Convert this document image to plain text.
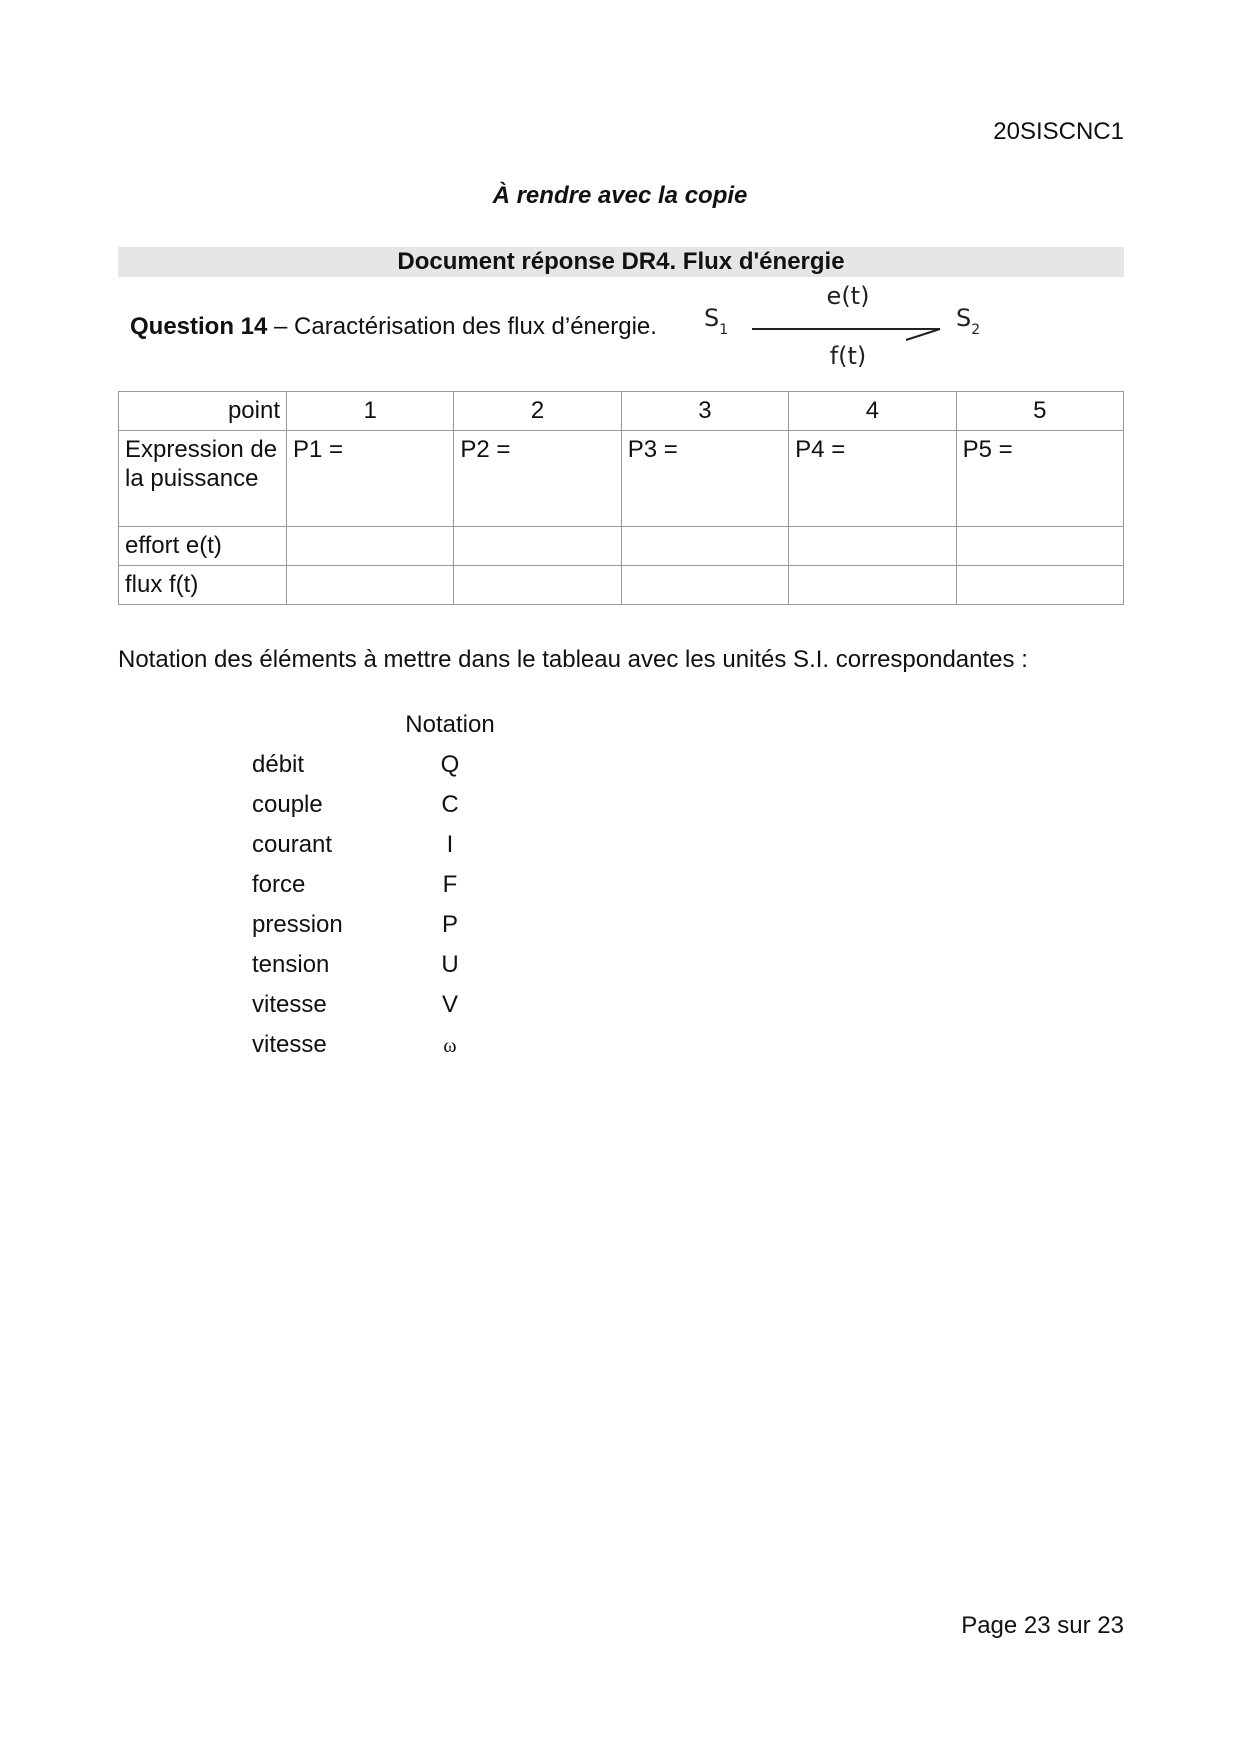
20SISCNC1
À rendre avec la copie
Document réponse DR4. Flux d'énergie
Question 14 – Caractérisation des flux d’énergie. $S_1$
e(t)
f(t)
$S_2$
point	1	2	3	4	5
Expression de la puissance	P1 =	P2 =	P3 =	P4 =	P5 =
effort e(t)					
flux f(t)					
Notation des éléments à mettre dans le tableau avec les unités S.I. correspondantes :
Notation
débit	Q
couple	C
courant	I
force	F
pression	P
tension	U
vitesse	V
vitesse	ω
Page 23 sur 23
